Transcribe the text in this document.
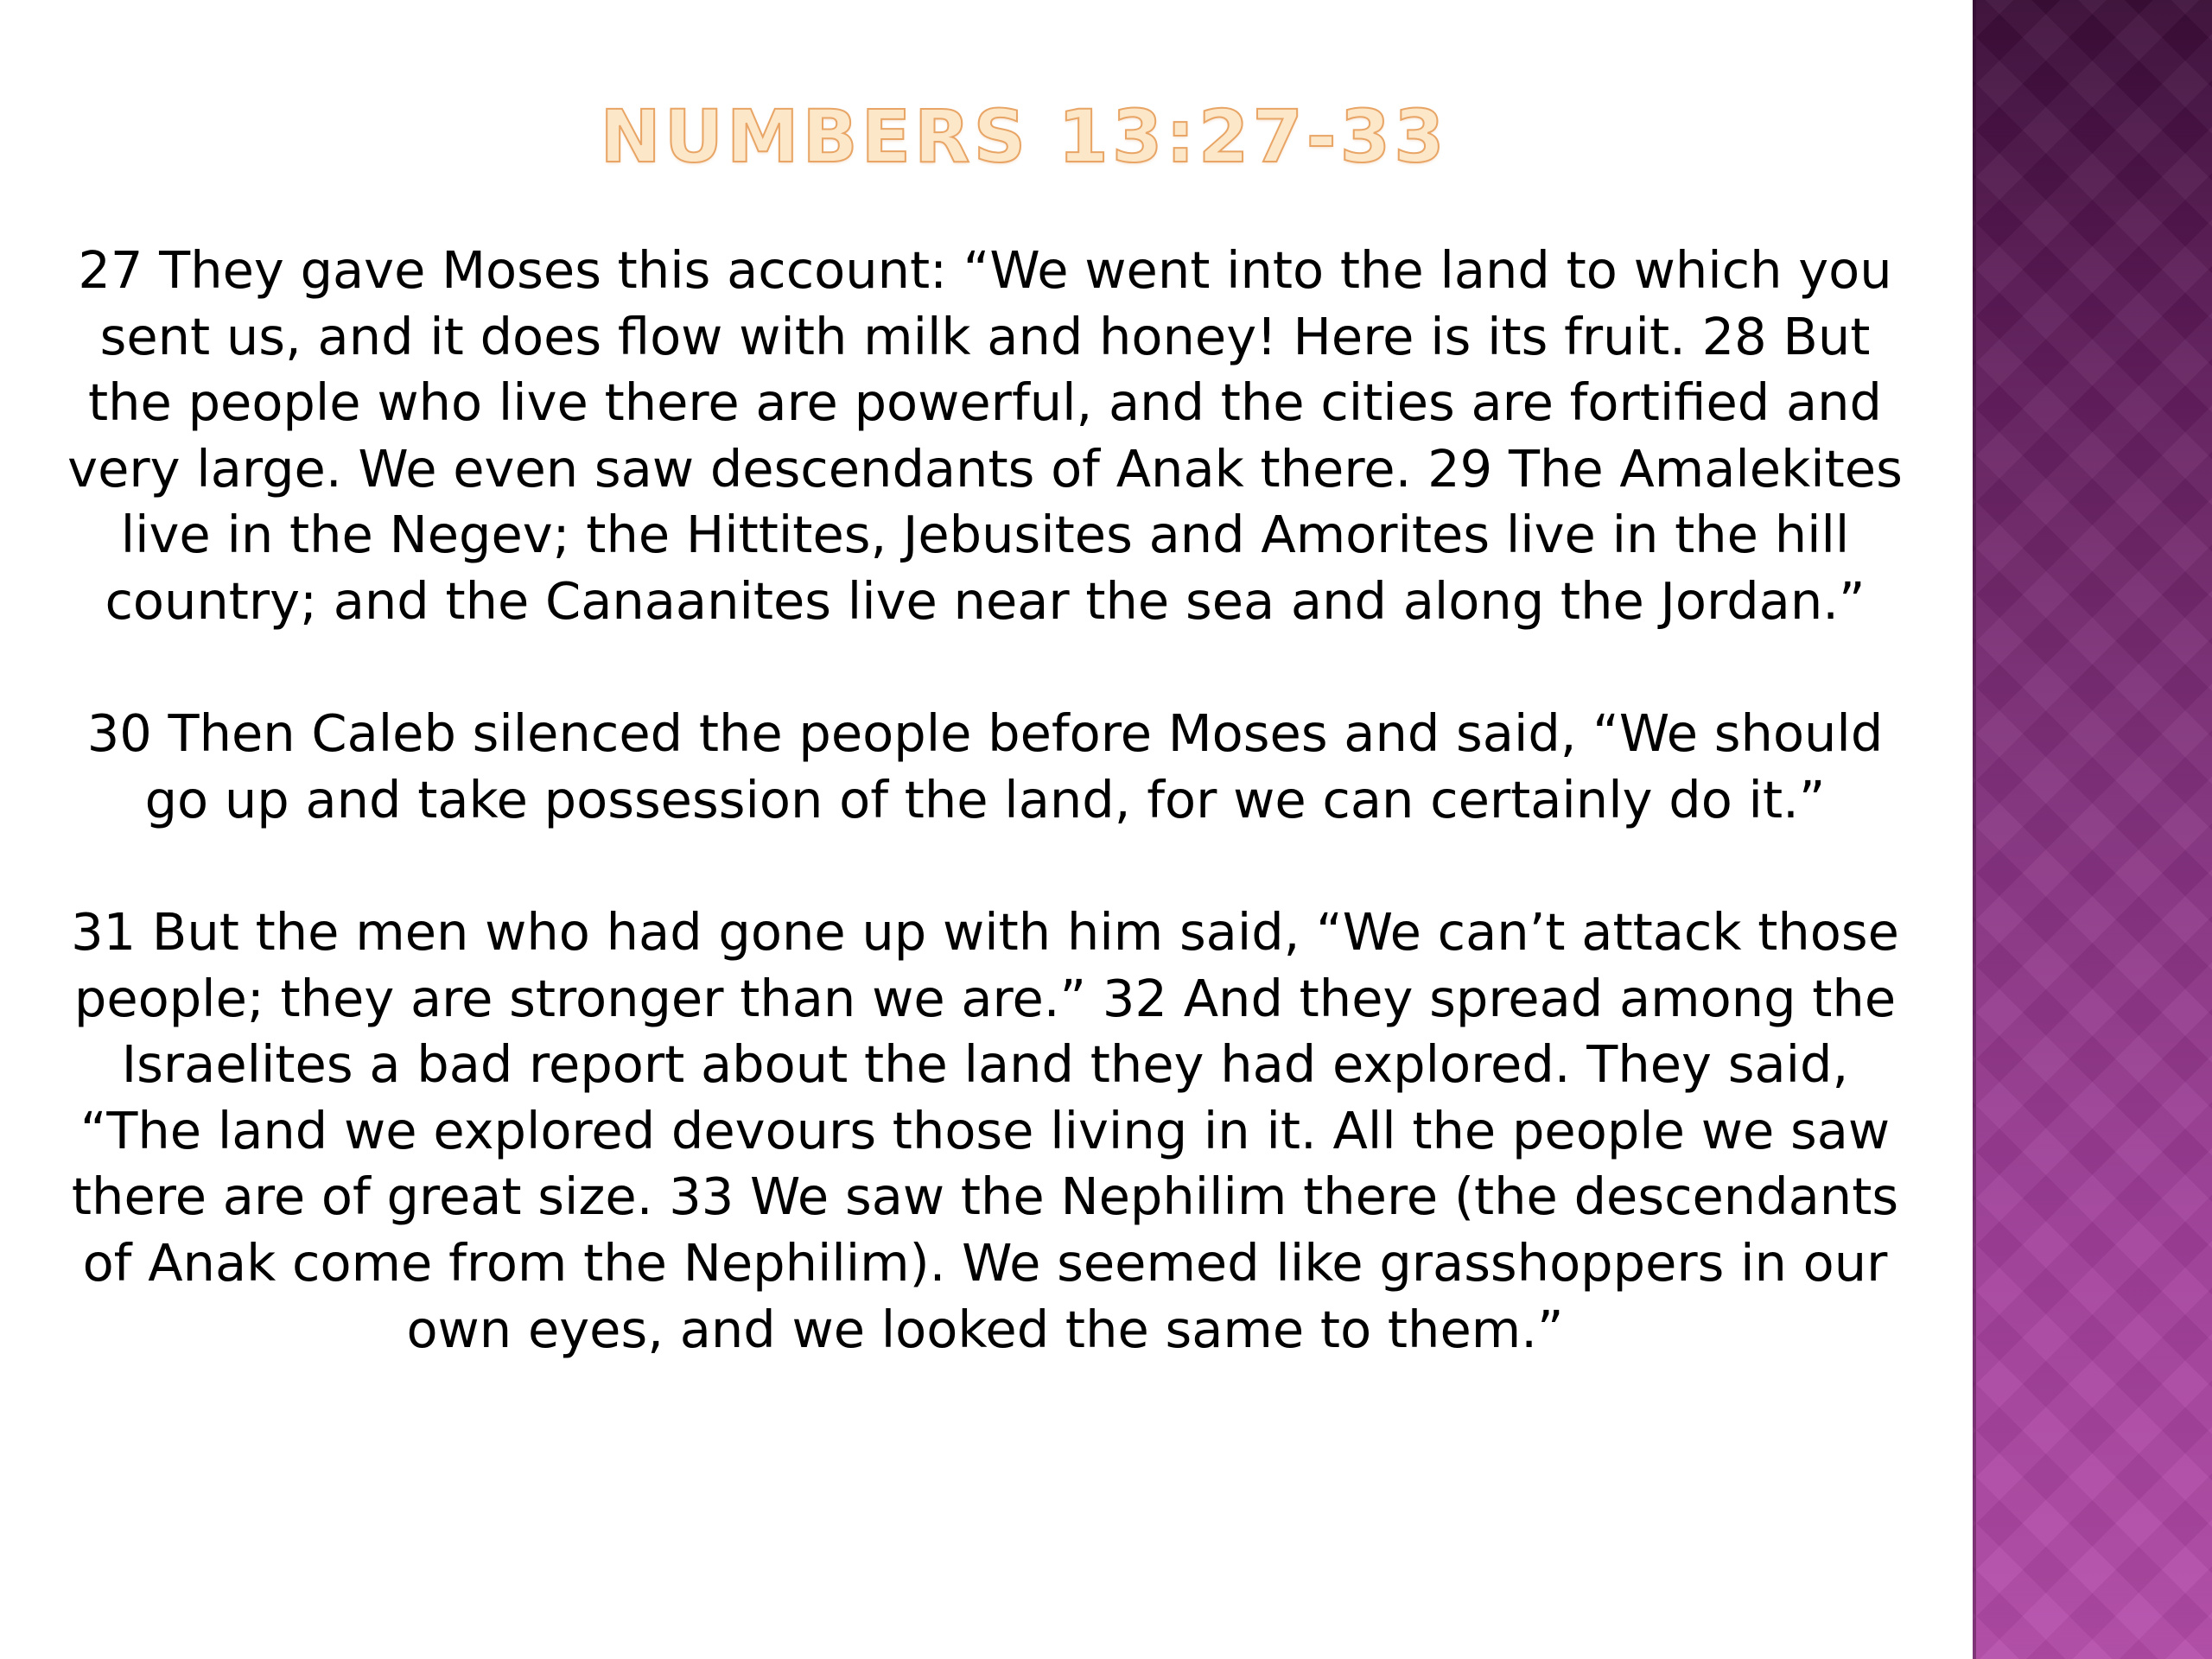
NUMBERS 13:27-33

27 They gave Moses this account: “We went into the land to which you sent us, and it does flow with milk and honey! Here is its fruit. 28 But the people who live there are powerful, and the cities are fortified and very large. We even saw descendants of Anak there. 29 The Amalekites live in the Negev; the Hittites, Jebusites and Amorites live in the hill country; and the Canaanites live near the sea and along the Jordan.”

30 Then Caleb silenced the people before Moses and said, “We should go up and take possession of the land, for we can certainly do it.”

31 But the men who had gone up with him said, “We can’t attack those people; they are stronger than we are.” 32 And they spread among the Israelites a bad report about the land they had explored. They said, “The land we explored devours those living in it. All the people we saw there are of great size. 33 We saw the Nephilim there (the descendants of Anak come from the Nephilim). We seemed like grasshoppers in our own eyes, and we looked the same to them.”
